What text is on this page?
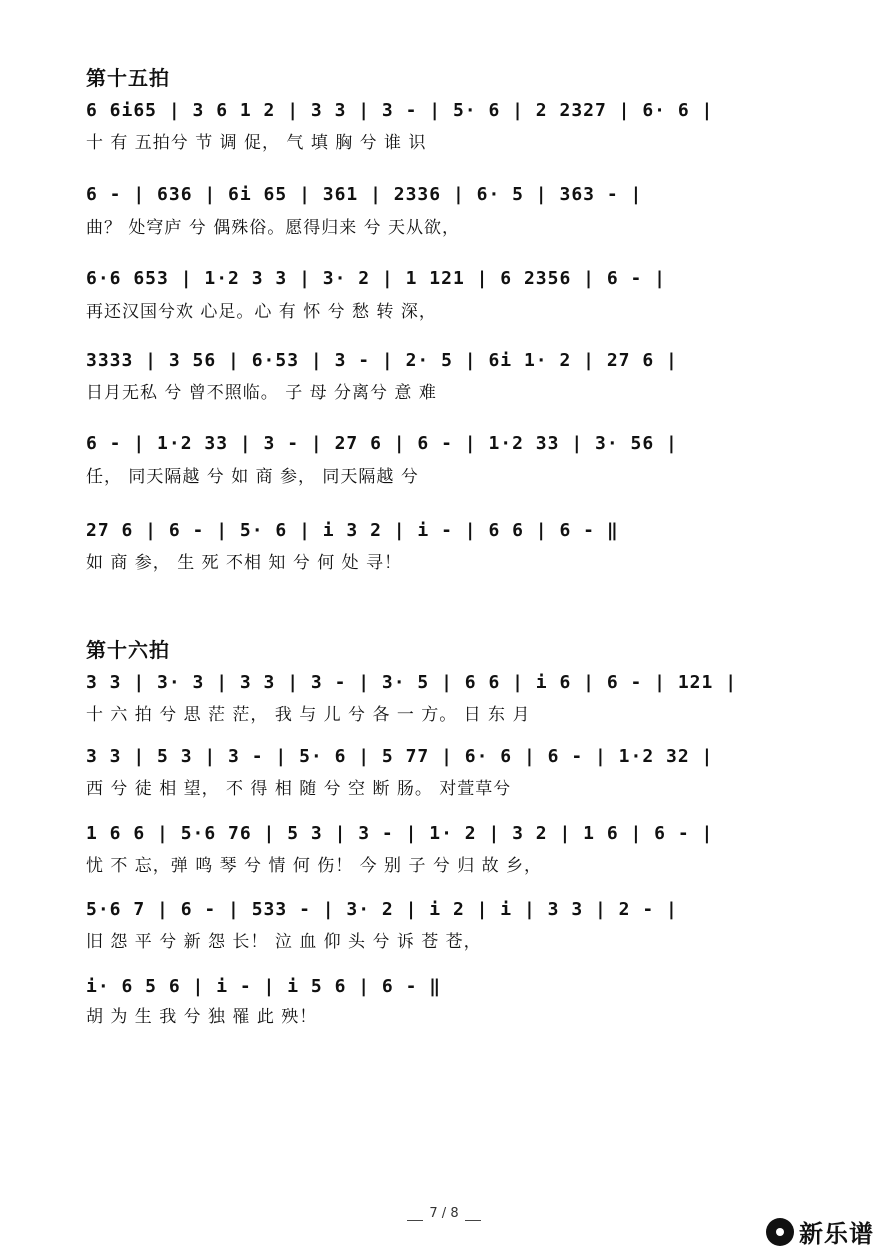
第十五拍
6 6i65 | 3 6 1 2 | 3 3 | 3 - | 5· 6 | 2 2327 | 6· 6 |
十 有 五拍兮 节 调 促， 气 填 胸 兮 谁 识
6 - | 636 | 6i 65 | 361 | 2336 | 6· 5 | 363 - |
曲？ 处穹庐 兮 偶殊俗。愿得归来 兮 天从欲，
6·6 653 | 1·2 3 3 | 3· 2 | 1 121 | 6 2356 | 6 - |
再还汉国兮欢 心足。心 有 怀 兮 愁 转 深，
3333 | 3 56 | 6·53 | 3 - | 2· 5 | 6i 1· 2 | 27 6 |
日月无私 兮 曾不照临。 子 母 分离兮 意 难
6 - | 1·2 33 | 3 - | 27 6 | 6 - | 1·2 33 | 3· 56 |
任， 同天隔越 兮 如 商 参， 同天隔越 兮
27 6 | 6 - | 5· 6 | i 3 2 | i - | 6 6 | 6 - ‖
如 商 参， 生 死 不相 知 兮 何 处 寻！
第十六拍
3 3 | 3· 3 | 3 3 | 3 - | 3· 5 | 6 6 | i 6 | 6 - | 121 |
十 六 拍 兮 思 茫 茫， 我 与 儿 兮 各 一 方。 日 东 月
3 3 | 5 3 | 3 - | 5· 6 | 5 77 | 6· 6 | 6 - | 1·2 32 |
西 兮 徒 相 望， 不 得 相 随 兮 空 断 肠。 对萱草兮
1 6 6 | 5·6 76 | 5 3 | 3 - | 1· 2 | 3 2 | 1 6 | 6 - |
忧 不 忘，弹 鸣 琴 兮 情 何 伤！ 今 别 子 兮 归 故 乡，
5·6 7 | 6 - | 533 - | 3· 2 | i 2 | i | 3 3 | 2 - |
旧 怨 平 兮 新 怨 长！ 泣 血 仰 头 兮 诉 苍 苍，
i· 6 5 6 | i - | i 5 6 | 6 - ‖
胡 为 生 我 兮 独 罹 此 殃！
7 / 8
新乐谱
